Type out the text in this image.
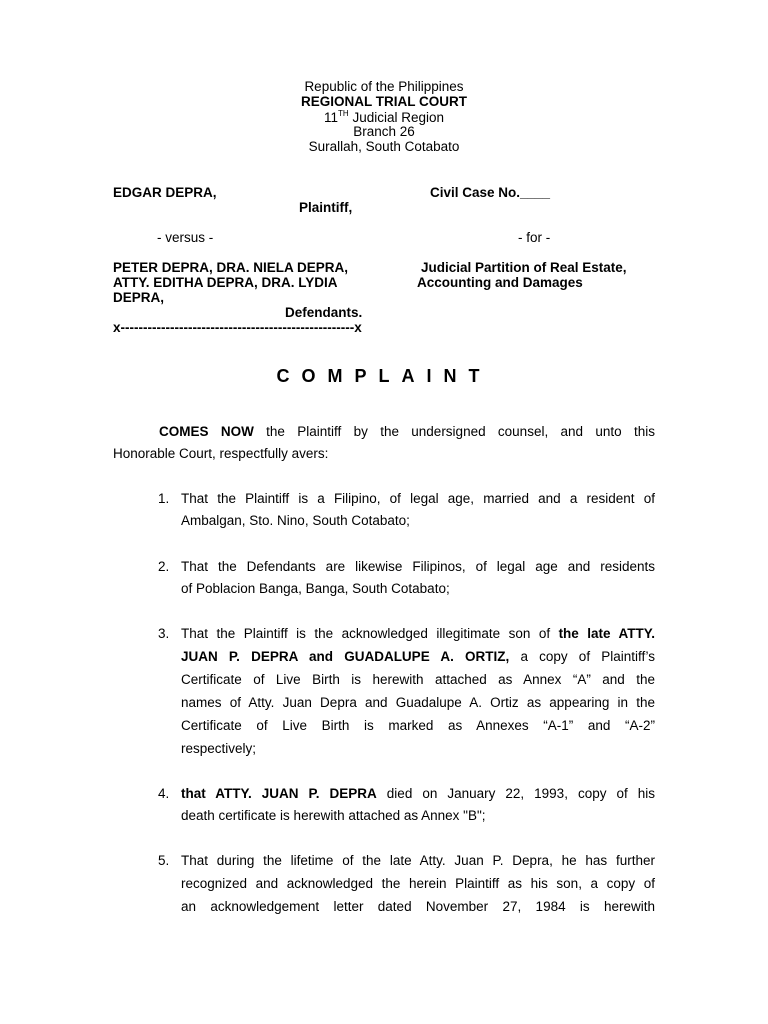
Republic of the Philippines
REGIONAL TRIAL COURT
11TH Judicial Region
Branch 26
Surallah, South Cotabato
EDGAR DEPRA,	Civil Case No.____
Plaintiff,
- versus -	- for -
PETER DEPRA, DRA. NIELA DEPRA,
ATTY. EDITHA DEPRA, DRA. LYDIA
DEPRA,
Judicial Partition of Real Estate,
Accounting and Damages
Defendants.
x----------------------------------------------------x
COMPLAINT
COMES NOW the Plaintiff by the undersigned counsel, and unto this
Honorable Court, respectfully avers:
1. That the Plaintiff is a Filipino, of legal age, married and a resident of
Ambalgan, Sto. Nino, South Cotabato;
2. That the Defendants are likewise Filipinos, of legal age and residents
of Poblacion Banga, Banga, South Cotabato;
3. That the Plaintiff is the acknowledged illegitimate son of the late ATTY.
JUAN P. DEPRA and GUADALUPE A. ORTIZ, a copy of Plaintiff’s
Certificate of Live Birth is herewith attached as Annex “A” and the
names of Atty. Juan Depra and Guadalupe A. Ortiz as appearing in the
Certificate of Live Birth is marked as Annexes “A-1” and “A-2”
respectively;
4. that ATTY. JUAN P. DEPRA died on January 22, 1993, copy of his
death certificate is herewith attached as Annex "B";
5. That during the lifetime of the late Atty. Juan P. Depra, he has further
recognized and acknowledged the herein Plaintiff as his son, a copy of
an acknowledgement letter dated November 27, 1984 is herewith
